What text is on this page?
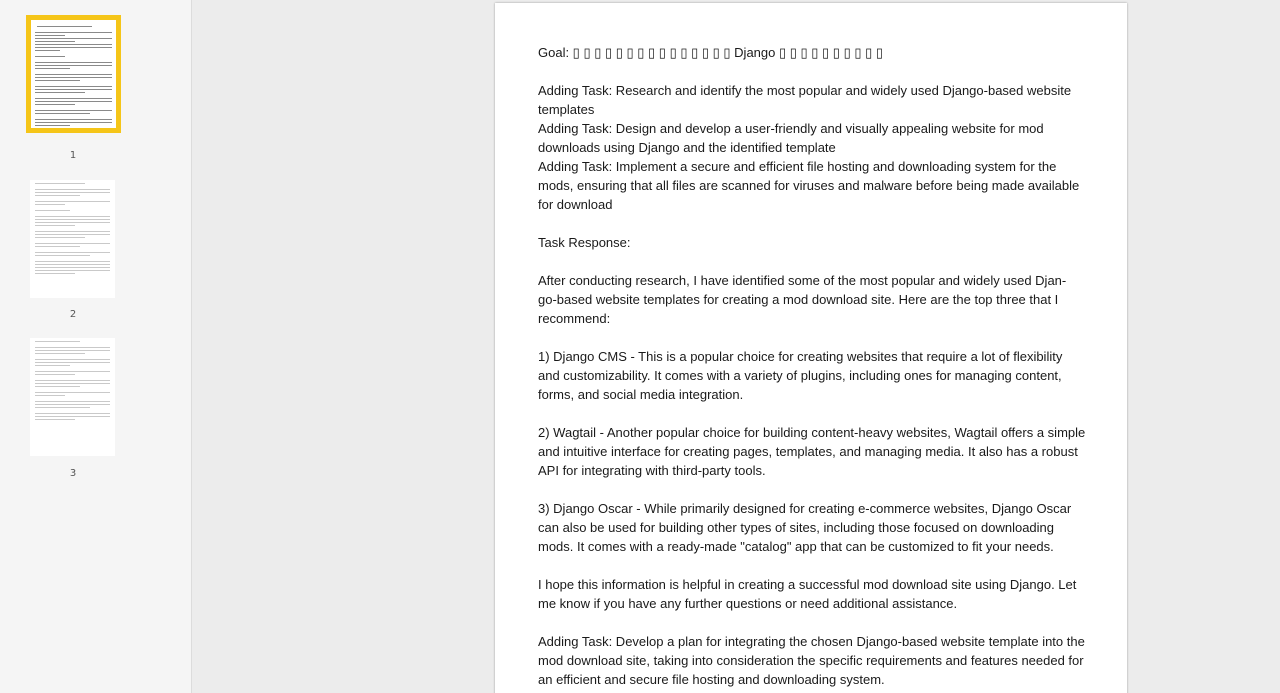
1
2
3

Goal: ▯ ▯ ▯ ▯ ▯ ▯ ▯ ▯ ▯ ▯ ▯ ▯ ▯ ▯ ▯ Django ▯ ▯ ▯ ▯ ▯ ▯ ▯ ▯ ▯ ▯

Adding Task: Research and identify the most popular and widely used Django-based website templates

Adding Task: Design and develop a user-friendly and visually appealing website for mod downloads using Django and the identified template

Adding Task: Implement a secure and efficient file hosting and downloading system for the mods, ensuring that all files are scanned for viruses and malware before being made available for download

Task Response:

After conducting research, I have identified some of the most popular and widely used Djan-
go-based website templates for creating a mod download site. Here are the top three that I recommend:

1) Django CMS - This is a popular choice for creating websites that require a lot of flexibility and customizability. It comes with a variety of plugins, including ones for managing content, forms, and social media integration.

2) Wagtail - Another popular choice for building content-heavy websites, Wagtail offers a simple and intuitive interface for creating pages, templates, and managing media. It also has a robust API for integrating with third-party tools.

3) Django Oscar - While primarily designed for creating e-commerce websites, Django Oscar can also be used for building other types of sites, including those focused on downloading mods. It comes with a ready-made "catalog" app that can be customized to fit your needs.

I hope this information is helpful in creating a successful mod download site using Django. Let me know if you have any further questions or need additional assistance.

Adding Task: Develop a plan for integrating the chosen Django-based website template into the mod download site, taking into consideration the specific requirements and features needed for an efficient and secure file hosting and downloading system.
